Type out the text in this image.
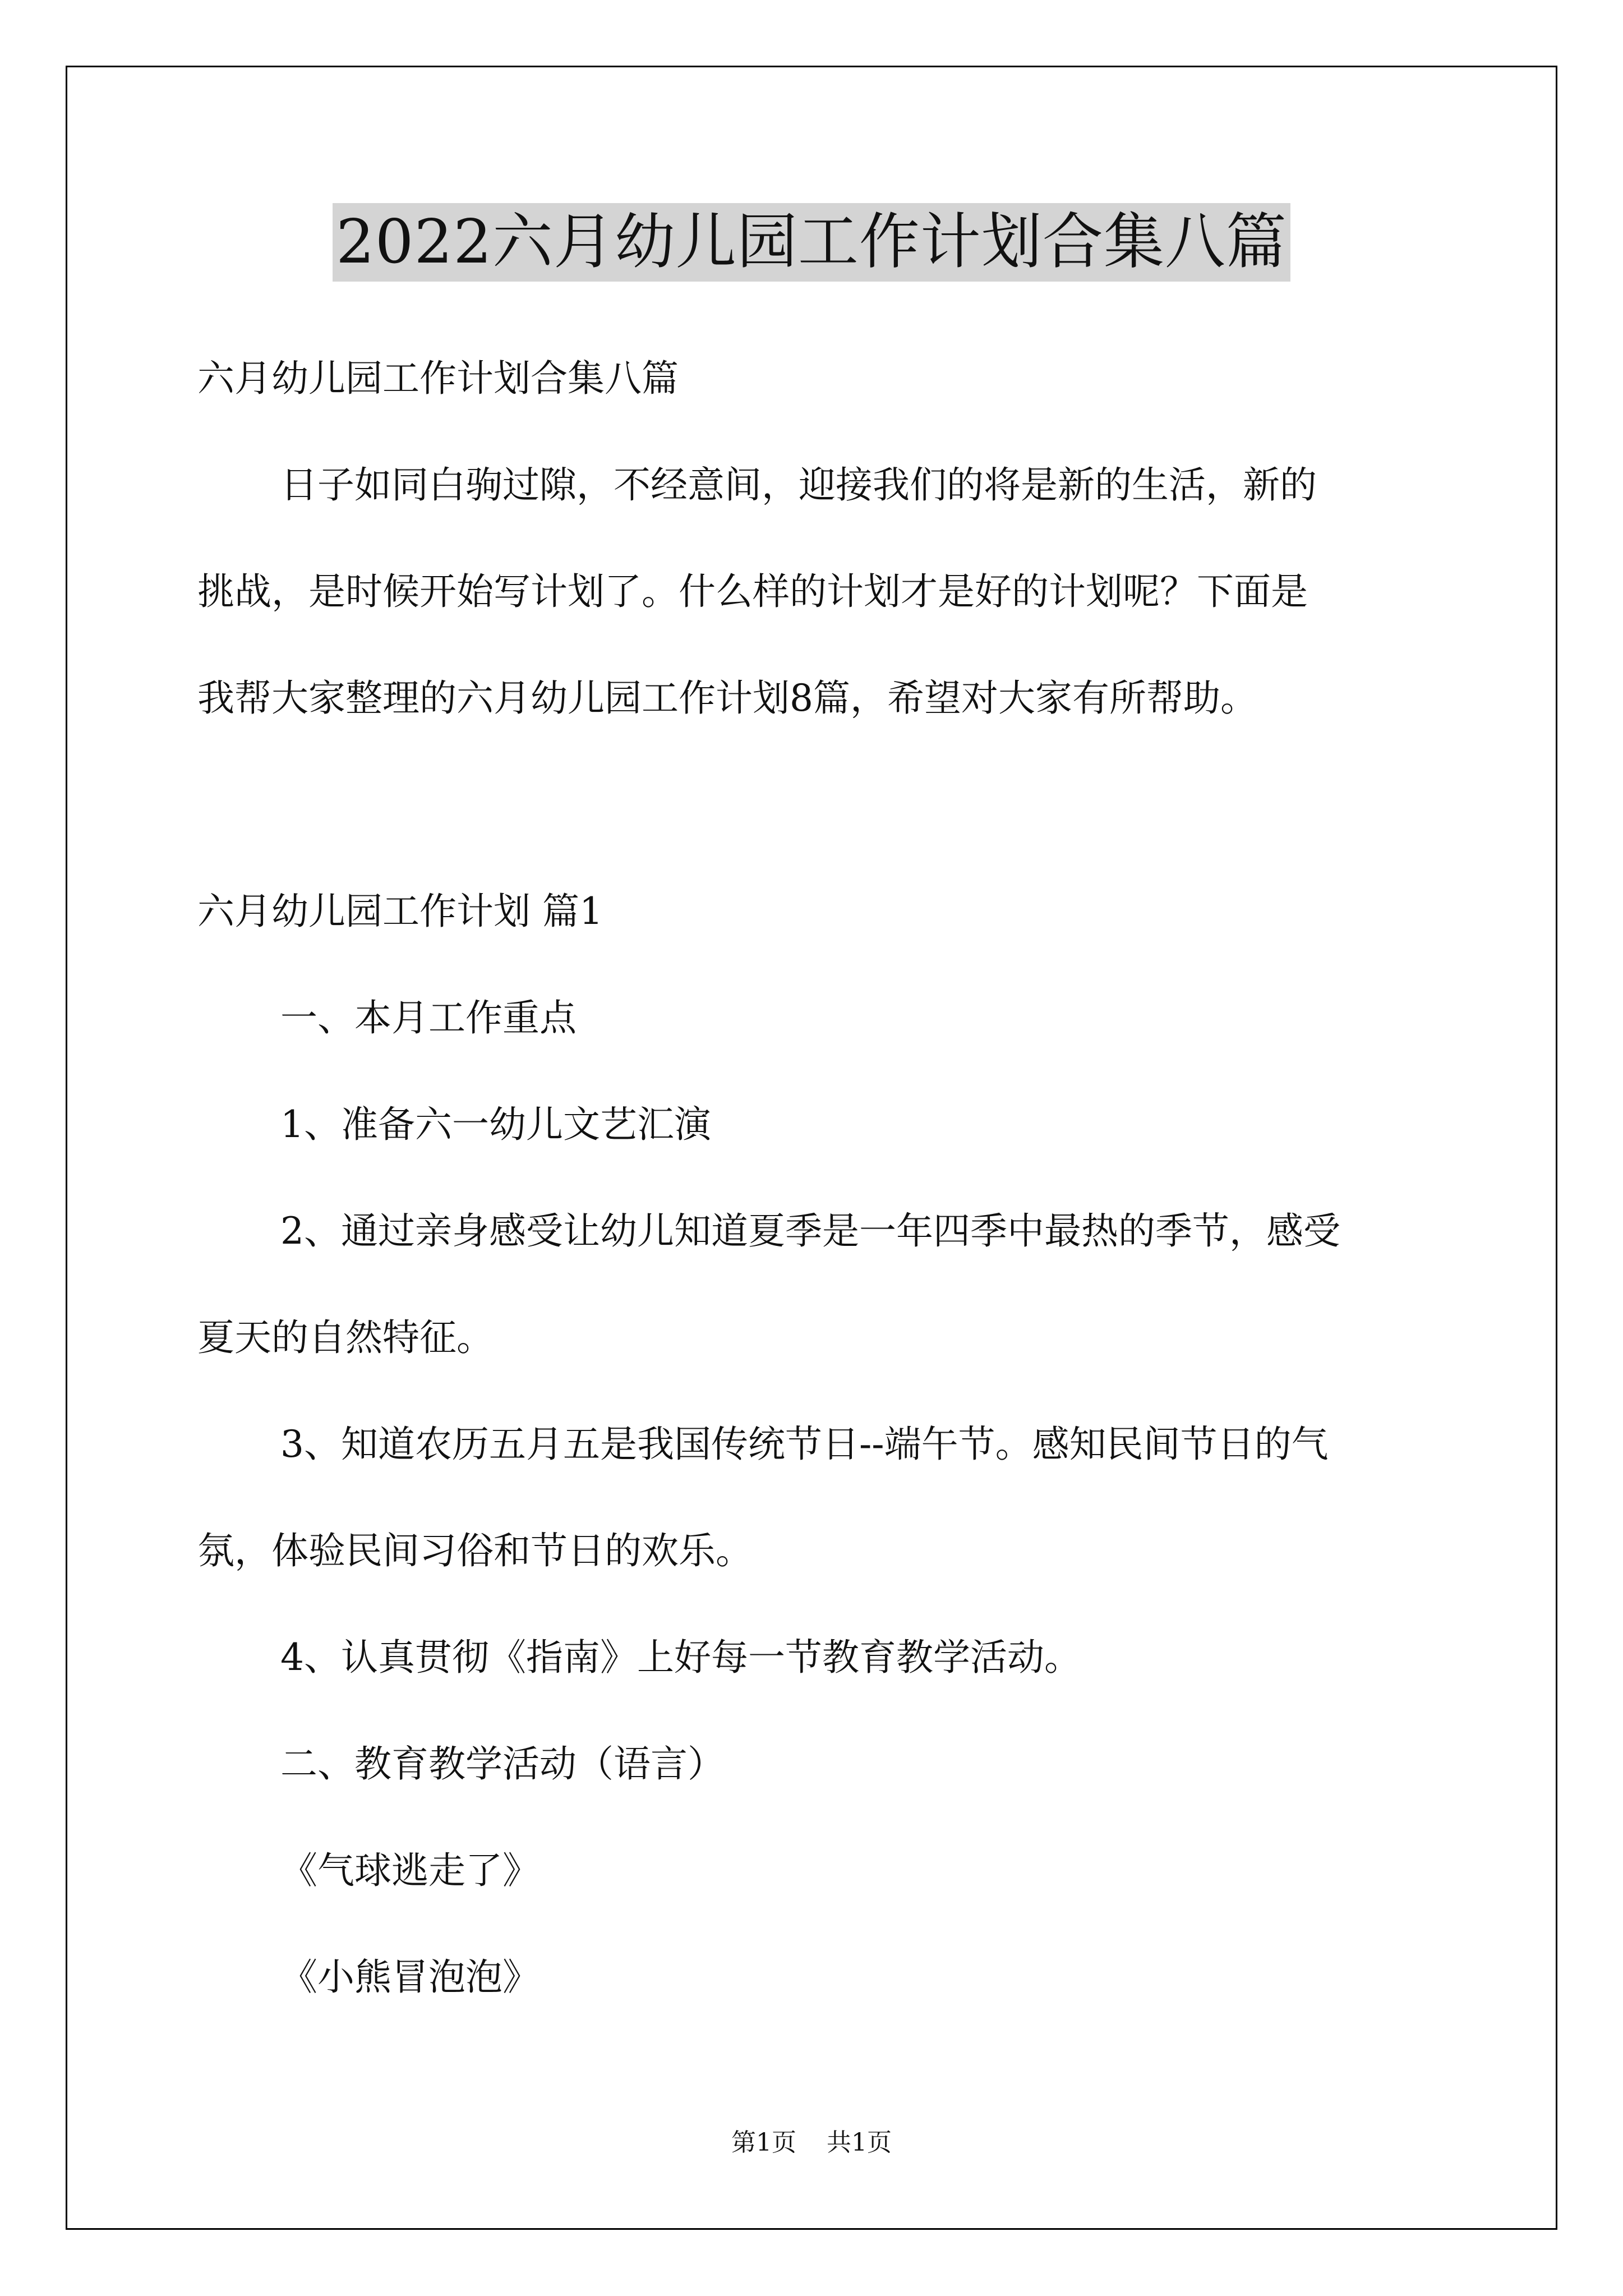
2022六月幼儿园工作计划合集八篇
六月幼儿园工作计划合集八篇
日子如同白驹过隙，不经意间，迎接我们的将是新的生活，新的
挑战，是时候开始写计划了。什么样的计划才是好的计划呢？下面是
我帮大家整理的六月幼儿园工作计划8篇，希望对大家有所帮助。
六月幼儿园工作计划 篇1
一、本月工作重点
1、准备六一幼儿文艺汇演
2、通过亲身感受让幼儿知道夏季是一年四季中最热的季节，感受
夏天的自然特征。
3、知道农历五月五是我国传统节日--端午节。感知民间节日的气
氛，体验民间习俗和节日的欢乐。
4、认真贯彻《指南》上好每一节教育教学活动。
二、教育教学活动（语言）
《气球逃走了》
《小熊冒泡泡》
第1页 共1页
